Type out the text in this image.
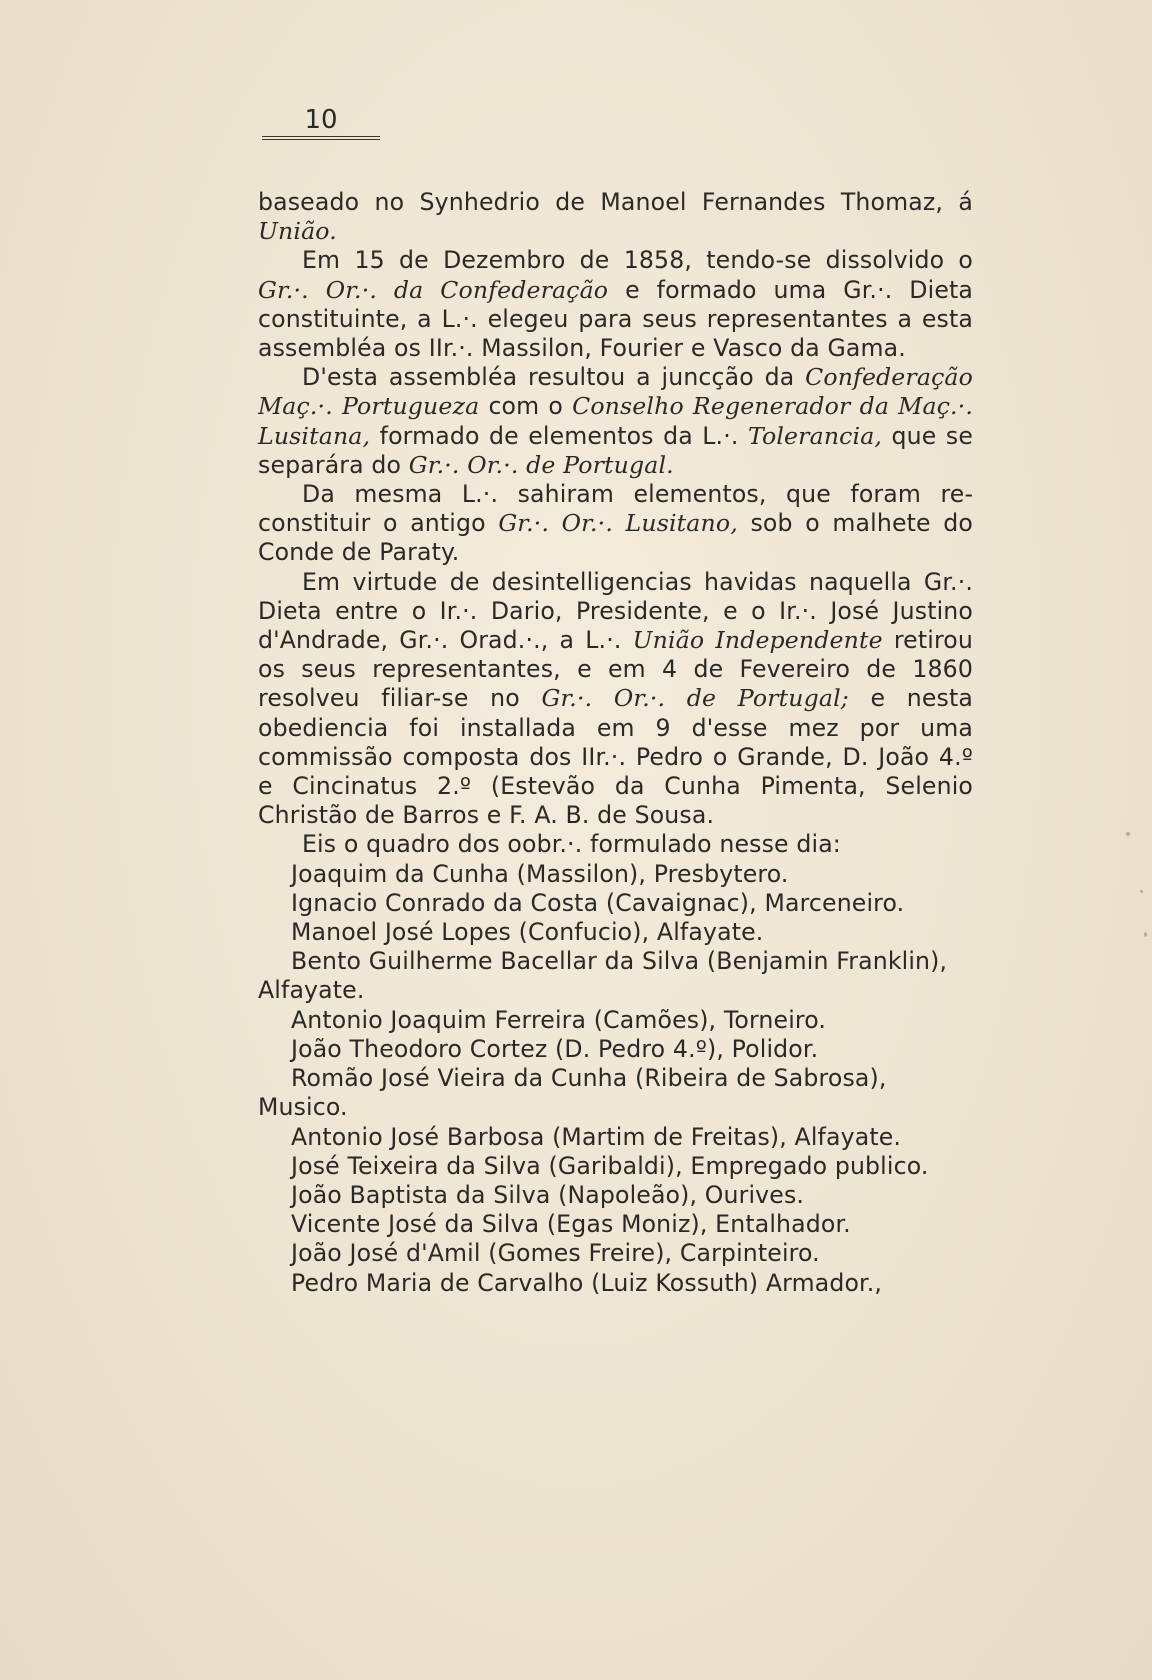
10

baseado no Synhedrio de Manoel Fernandes Thomaz, á União.

Em 15 de Dezembro de 1858, tendo-se dissolvido o Gr.·. Or.·. da Confederação e formado uma Gr.·. Dieta constituinte, a L.·. elegeu para seus representantes a esta assembléa os IIr.·. Massilon, Fourier e Vasco da Gama.

D'esta assembléa resultou a juncção da Confederação Maç.·. Portugueza com o Conselho Regenerador da Maç.·. Lusitana, formado de elementos da L.·. Tolerancia, que se separára do Gr.·. Or.·. de Portugal.

Da mesma L.·. sahiram elementos, que foram reconstituir o antigo Gr.·. Or.·. Lusitano, sob o malhete do Conde de Paraty.

Em virtude de desintelligencias havidas naquella Gr.·. Dieta entre o Ir.·. Dario, Presidente, e o Ir.·. José Justino d'Andrade, Gr.·. Orad.·., a L.·. União Independente retirou os seus representantes, e em 4 de Fevereiro de 1860 resolveu filiar-se no Gr.·. Or.·. de Portugal; e nesta obediencia foi installada em 9 d'esse mez por uma commissão composta dos IIr.·. Pedro o Grande, D. João 4.º e Cincinatus 2.º (Estevão da Cunha Pimenta, Selenio Christão de Barros e F. A. B. de Sousa.

Eis o quadro dos oobr.·. formulado nesse dia:

Joaquim da Cunha (Massilon), Presbytero.

Ignacio Conrado da Costa (Cavaignac), Marceneiro.

Manoel José Lopes (Confucio), Alfayate.

Bento Guilherme Bacellar da Silva (Benjamin Franklin), Alfayate.

Antonio Joaquim Ferreira (Camões), Torneiro.

João Theodoro Cortez (D. Pedro 4.º), Polidor.

Romão José Vieira da Cunha (Ribeira de Sabrosa), Musico.

Antonio José Barbosa (Martim de Freitas), Alfayate.

José Teixeira da Silva (Garibaldi), Empregado publico.

João Baptista da Silva (Napoleão), Ourives.

Vicente José da Silva (Egas Moniz), Entalhador.

João José d'Amil (Gomes Freire), Carpinteiro.

Pedro Maria de Carvalho (Luiz Kossuth) Armador.,
